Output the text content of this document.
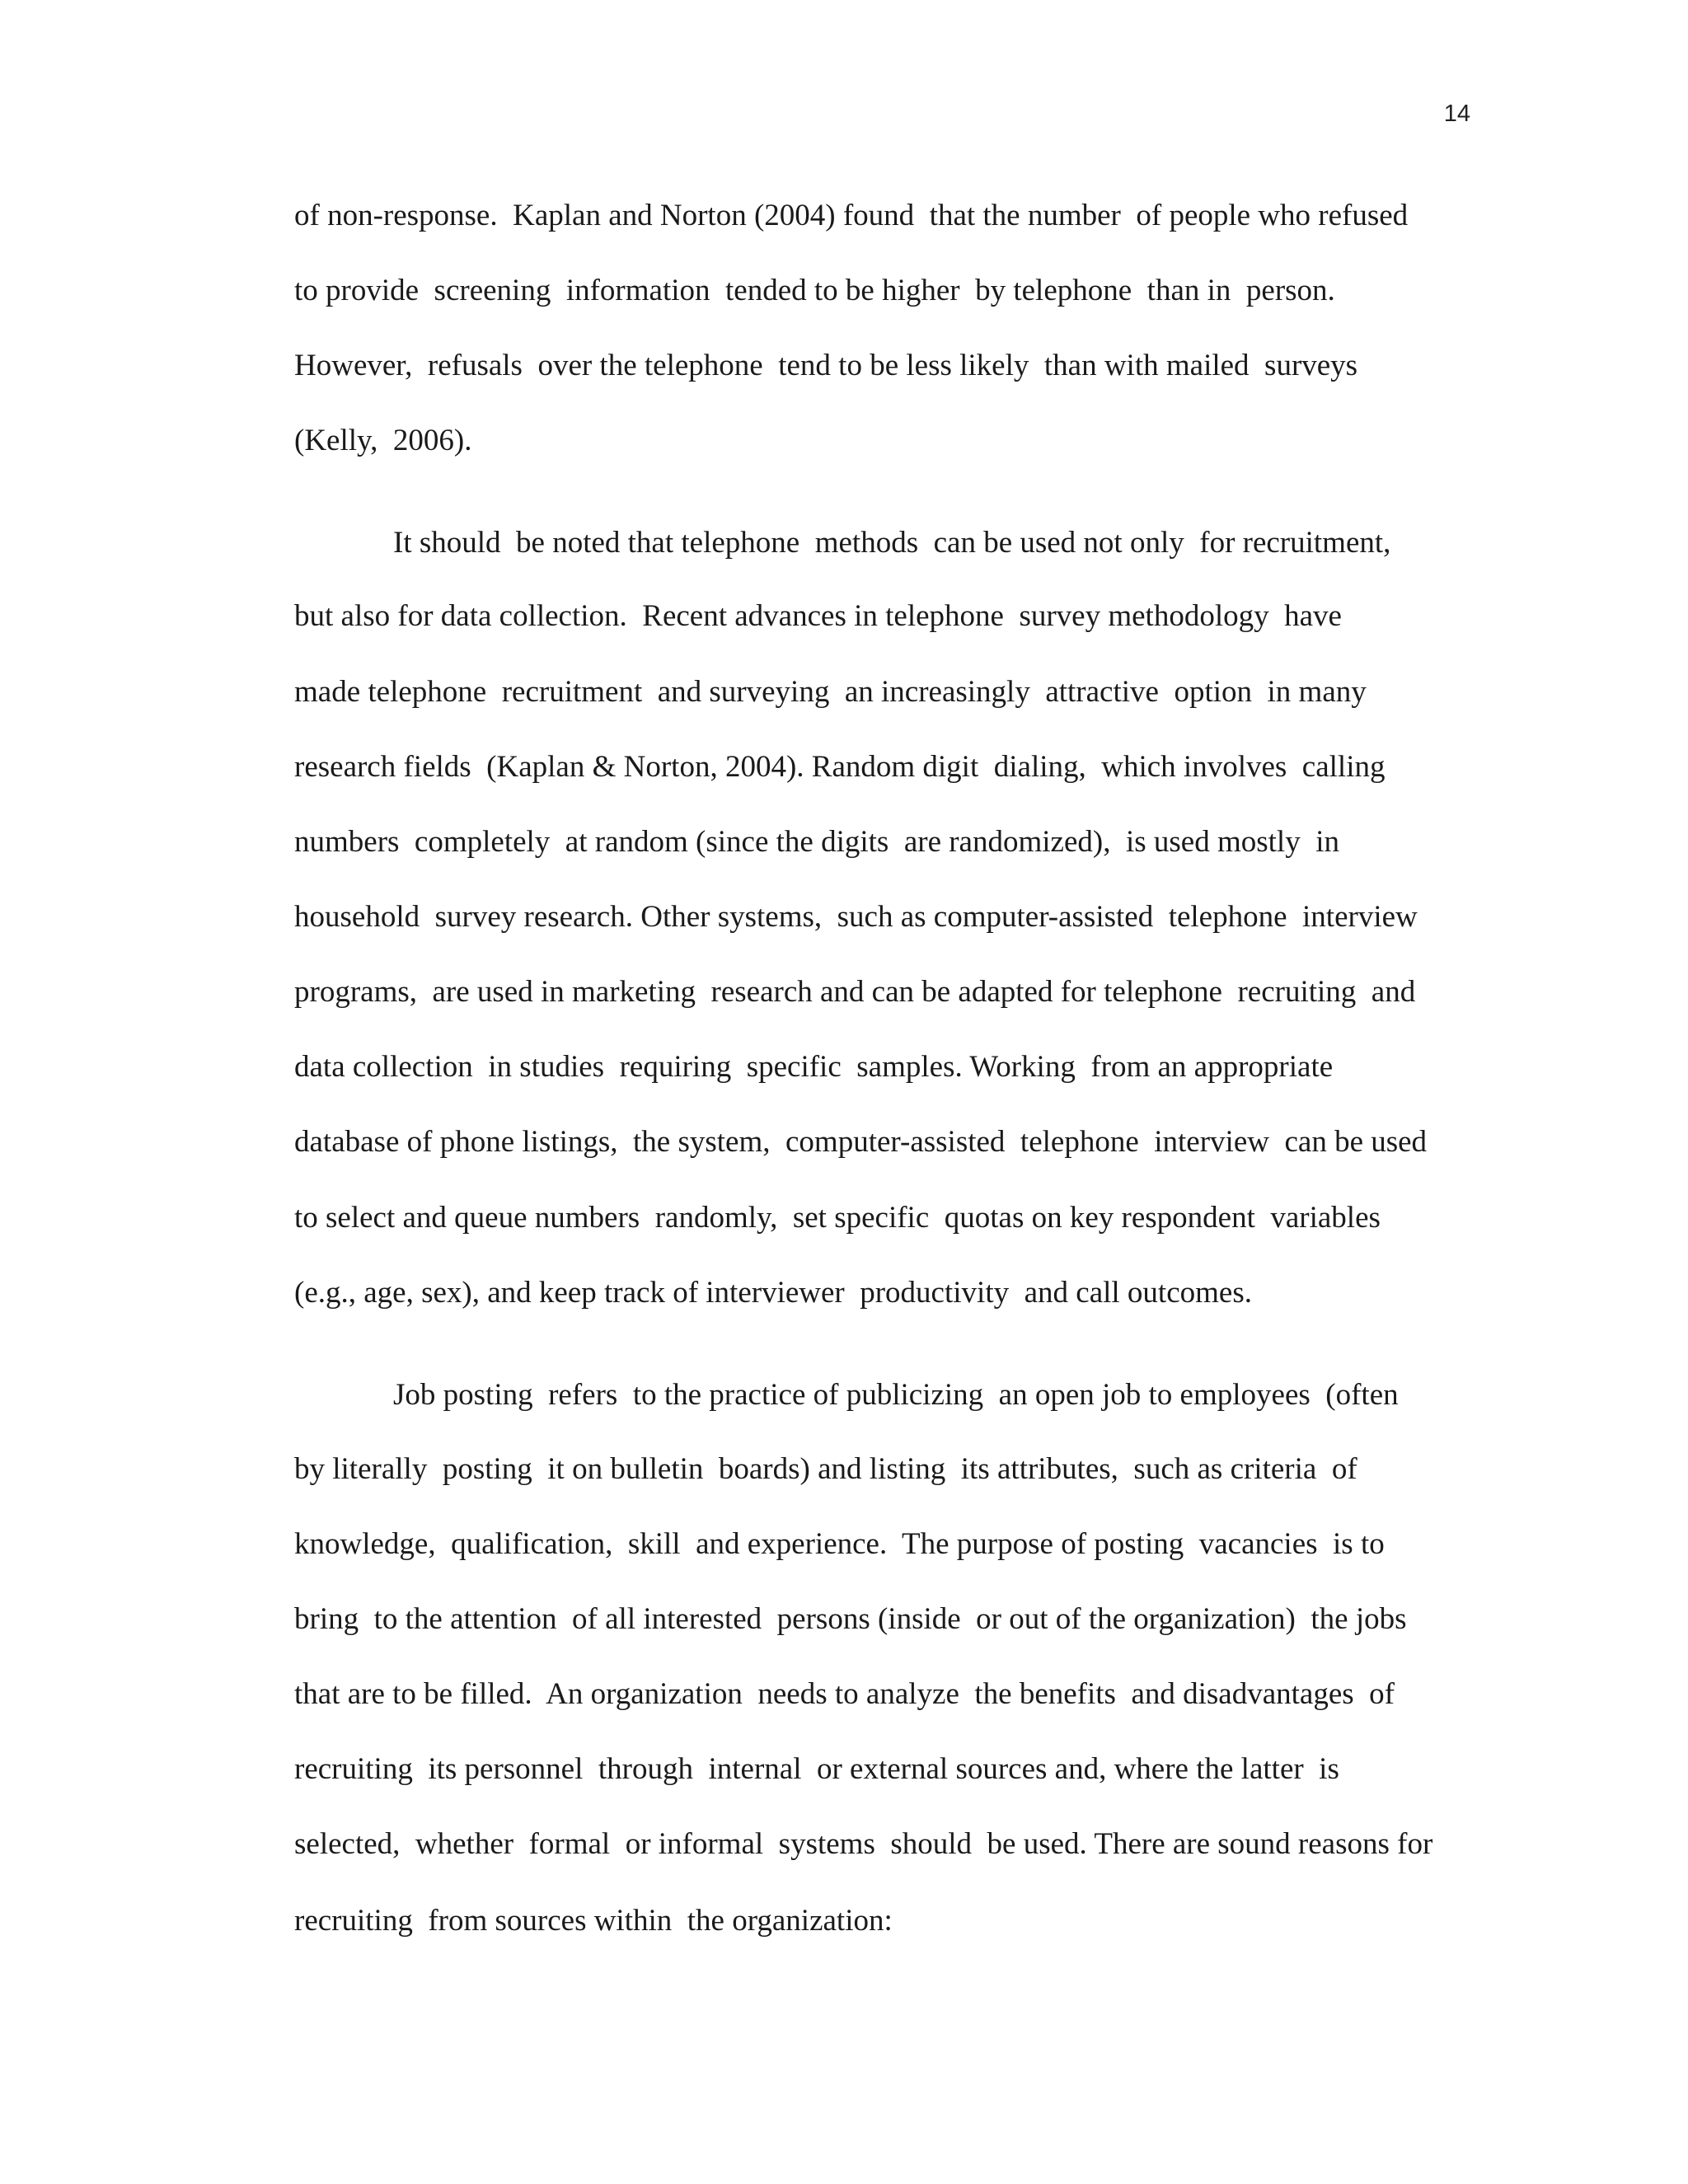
14
of non-response.  Kaplan and Norton (2004) found  that the number  of people who refused
to provide  screening  information  tended to be higher  by telephone  than in  person.
However,  refusals  over the telephone  tend to be less likely  than with mailed  surveys
(Kelly,  2006).
It should  be noted that telephone  methods  can be used not only  for recruitment,
but also for data collection.  Recent advances in telephone  survey methodology  have
made telephone  recruitment  and surveying  an increasingly  attractive  option  in many
research fields  (Kaplan & Norton, 2004). Random digit  dialing,  which involves  calling
numbers  completely  at random (since the digits  are randomized),  is used mostly  in
household  survey research. Other systems,  such as computer-assisted  telephone  interview
programs,  are used in marketing  research and can be adapted for telephone  recruiting  and
data collection  in studies  requiring  specific  samples. Working  from an appropriate
database of phone listings,  the system,  computer-assisted  telephone  interview  can be used
to select and queue numbers  randomly,  set specific  quotas on key respondent  variables
(e.g., age, sex), and keep track of interviewer  productivity  and call outcomes.
Job posting  refers  to the practice of publicizing  an open job to employees  (often
by literally  posting  it on bulletin  boards) and listing  its attributes,  such as criteria  of
knowledge,  qualification,  skill  and experience.  The purpose of posting  vacancies  is to
bring  to the attention  of all interested  persons (inside  or out of the organization)  the jobs
that are to be filled.  An organization  needs to analyze  the benefits  and disadvantages  of
recruiting  its personnel  through  internal  or external sources and, where the latter  is
selected,  whether  formal  or informal  systems  should  be used. There are sound reasons for
recruiting  from sources within  the organization:
